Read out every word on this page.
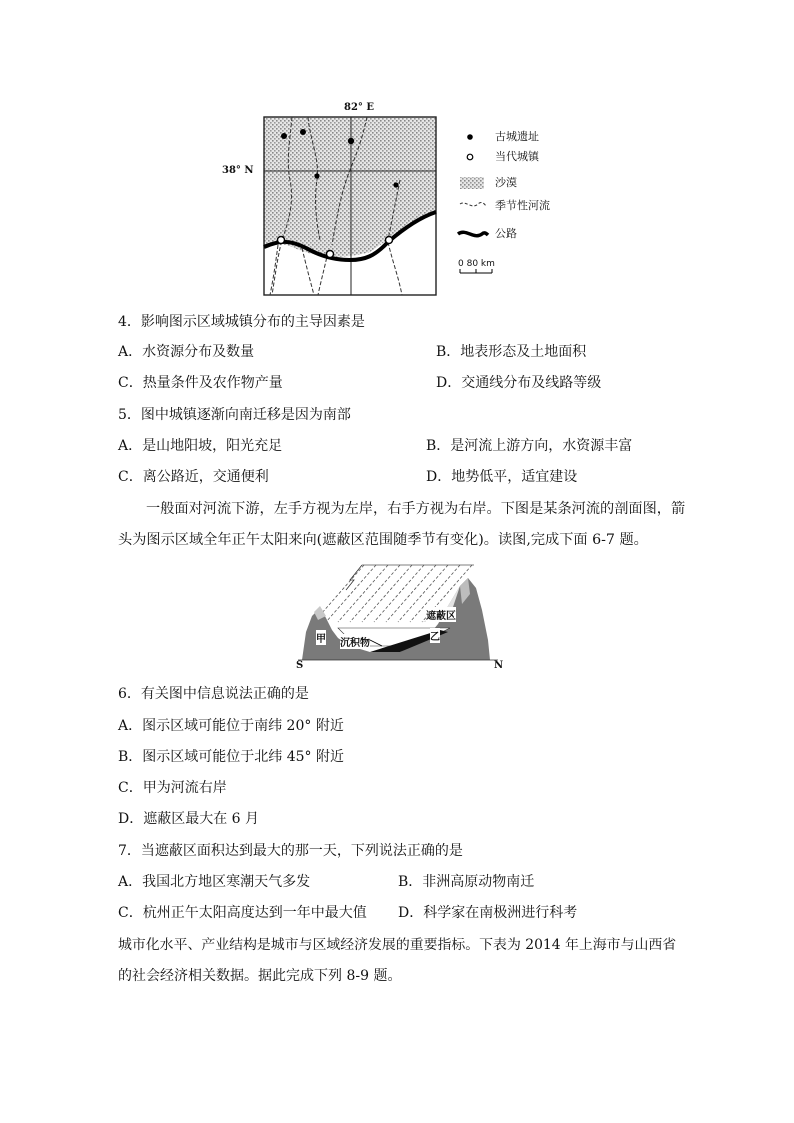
82° E
38° N
古城遗址
当代城镇
沙漠
季节性河流
公路
0 80 km
4．影响图示区域城镇分布的主导因素是
A．水资源分布及数量	B．地表形态及土地面积
C．热量条件及农作物产量	D．交通线分布及线路等级
5．图中城镇逐渐向南迁移是因为南部
A．是山地阳坡，阳光充足	B．是河流上游方向，水资源丰富
C．离公路近，交通便利	D．地势低平，适宜建设
一般面对河流下游，左手方视为左岸，右手方视为右岸。下图是某条河流的剖面图，箭
头为图示区域全年正午太阳来向(遮蔽区范围随季节有变化)。读图,完成下面 6-7 题。
遮蔽区
甲	乙
沉积物
S	N
6．有关图中信息说法正确的是
A．图示区域可能位于南纬 20° 附近
B．图示区域可能位于北纬 45° 附近
C．甲为河流右岸
D．遮蔽区最大在 6 月
7．当遮蔽区面积达到最大的那一天，下列说法正确的是
A．我国北方地区寒潮天气多发	B．非洲高原动物南迁
C．杭州正午太阳高度达到一年中最大值 D．科学家在南极洲进行科考
城市化水平、产业结构是城市与区域经济发展的重要指标。下表为 2014 年上海市与山西省
的社会经济相关数据。据此完成下列 8-9 题。
